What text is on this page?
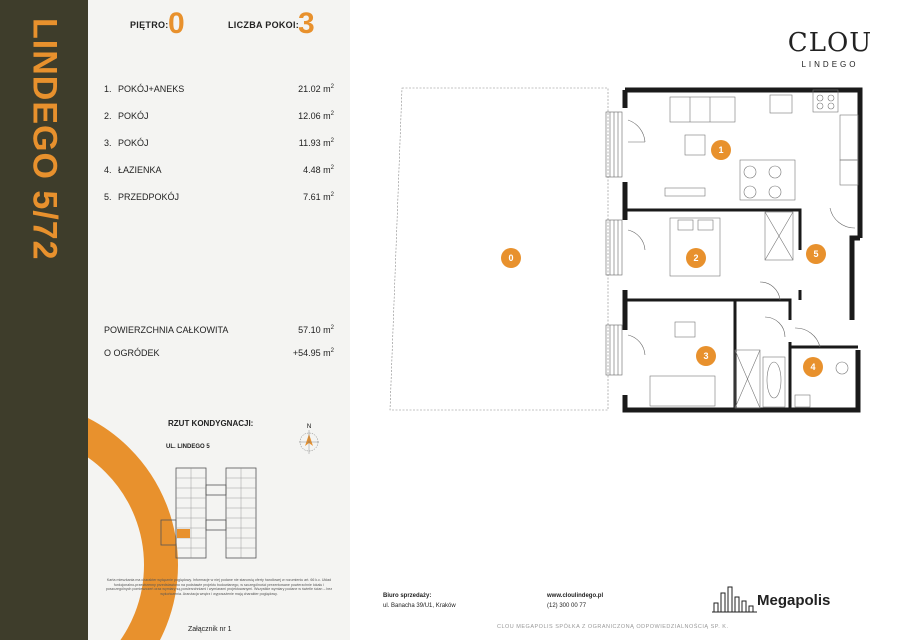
LINDEGO 5/72	PIĘTRO: 0	LICZBA POKOI:
3
1. POKÓJ+ANEKS	21.02 $m^2$
2. POKÓJ	12.06 $m^2$
3. POKÓJ	11.93 $m^2$
4. ŁAZIENKA	4.48 $m^2$
5. PRZEDPOKÓJ	7.61 $m^2$
POWIERZCHNIA CAŁKOWITA	57.10 $m^2$
O OGRÓDEK	+54.95 $m^2$
RZUT KONDYGNACJI:
UL. LINDEGO 5
N
Karta mieszkania ma charakter wyłącznie poglądowy. Informacje w niej podane nie stanowią oferty handlowej w rozumieniu art. 66 k.c. Układ funkcjonalno-przestrzenny przedstawiono na podstawie projektu budowlanego, w szczególności prezentowane powierzchnie lokalu i poszczególnych pomieszczeń oraz wymiary są powierzchniami i wymiarami projektowanymi. Wszystkie wymiary podane w świetle ścian – bez wykończenia. Aranżacja wnętrz i wyposażenie mają charakter poglądowy.
Załącznik nr 1
CLOU
LINDEGO
0
1
2
3
4
5
Biuro sprzedaży:
ul. Banacha 39/U1, Kraków
www.cloulindego.pl
(12) 300 00 77	Megapolis
CLOU MEGAPOLIS SPÓŁKA Z OGRANICZONĄ ODPOWIEDZIALNOŚCIĄ SP. K.
